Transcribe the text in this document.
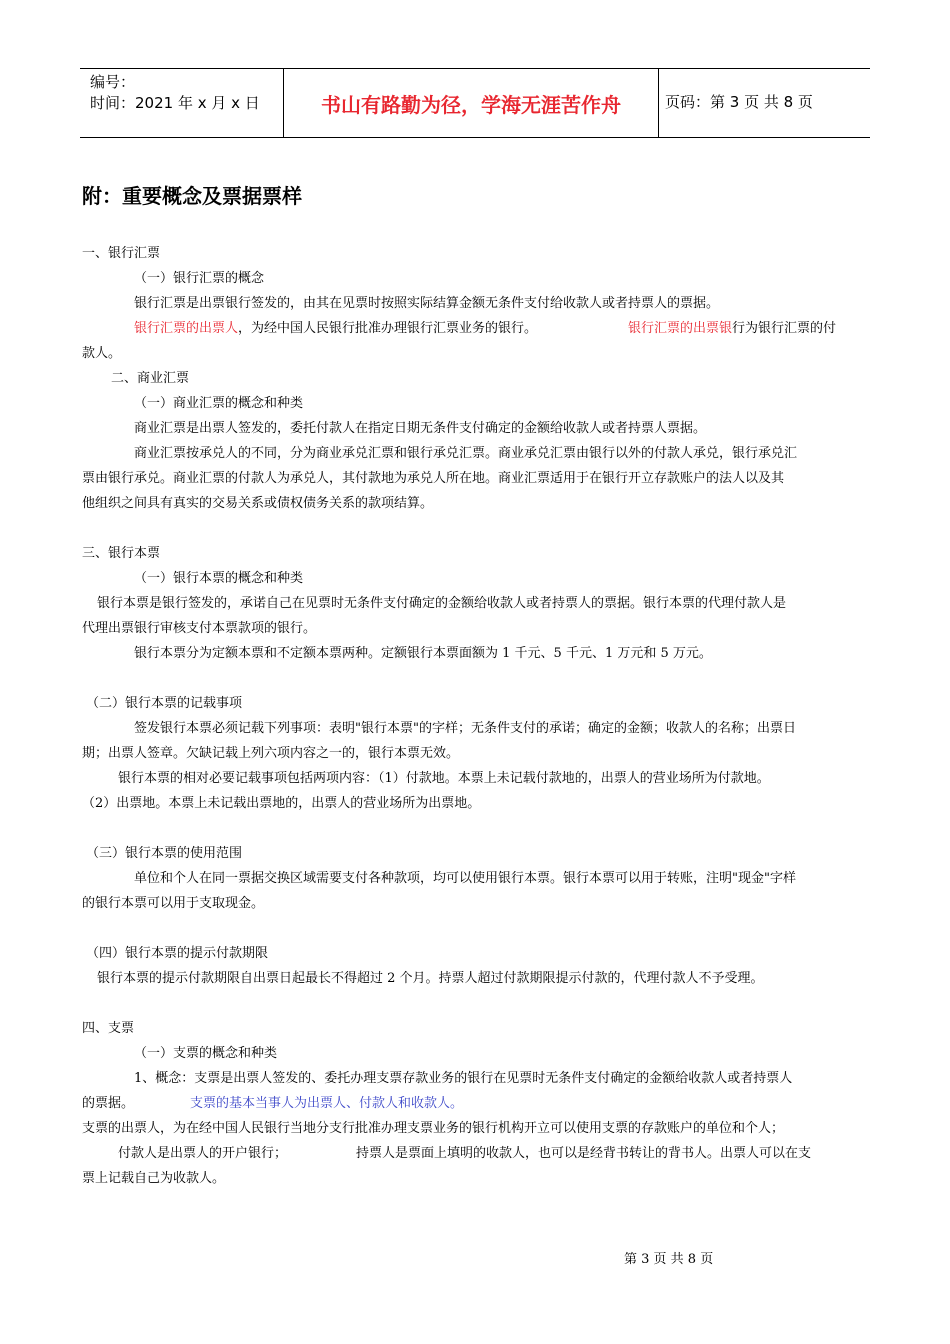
编号：
时间：2021 年 x 月 x 日	书山有路勤为径，学海无涯苦作舟	页码：第 3 页 共 8 页
附：重要概念及票据票样
一、银行汇票
（一）银行汇票的概念
银行汇票是出票银行签发的，由其在见票时按照实际结算金额无条件支付给收款人或者持票人的票据。
银行汇票的出票人，为经中国人民银行批准办理银行汇票业务的银行。	银行汇票的出票银行为银行汇票的付
款人。
二、商业汇票
（一）商业汇票的概念和种类
商业汇票是出票人签发的，委托付款人在指定日期无条件支付确定的金额给收款人或者持票人票据。
商业汇票按承兑人的不同，分为商业承兑汇票和银行承兑汇票。商业承兑汇票由银行以外的付款人承兑，银行承兑汇
票由银行承兑。商业汇票的付款人为承兑人，其付款地为承兑人所在地。商业汇票适用于在银行开立存款账户的法人以及其
他组织之间具有真实的交易关系或债权债务关系的款项结算。
三、银行本票
（一）银行本票的概念和种类
银行本票是银行签发的，承诺自己在见票时无条件支付确定的金额给收款人或者持票人的票据。银行本票的代理付款人是
代理出票银行审核支付本票款项的银行。
银行本票分为定额本票和不定额本票两种。定额银行本票面额为 1 千元、5 千元、1 万元和 5 万元。
（二）银行本票的记载事项
签发银行本票必须记载下列事项：表明"银行本票"的字样；无条件支付的承诺；确定的金额；收款人的名称；出票日
期；出票人签章。欠缺记载上列六项内容之一的，银行本票无效。
银行本票的相对必要记载事项包括两项内容：（1）付款地。本票上未记载付款地的，出票人的营业场所为付款地。
（2）出票地。本票上未记载出票地的，出票人的营业场所为出票地。
（三）银行本票的使用范围
单位和个人在同一票据交换区域需要支付各种款项，均可以使用银行本票。银行本票可以用于转账，注明"现金"字样
的银行本票可以用于支取现金。
（四）银行本票的提示付款期限
银行本票的提示付款期限自出票日起最长不得超过 2 个月。持票人超过付款期限提示付款的，代理付款人不予受理。
四、支票
（一）支票的概念和种类
1、概念：支票是出票人签发的、委托办理支票存款业务的银行在见票时无条件支付确定的金额给收款人或者持票人
的票据。	支票的基本当事人为出票人、付款人和收款人。
支票的出票人，为在经中国人民银行当地分支行批准办理支票业务的银行机构开立可以使用支票的存款账户的单位和个人；
付款人是出票人的开户银行；	持票人是票面上填明的收款人，也可以是经背书转让的背书人。出票人可以在支
票上记载自己为收款人。
第 3 页 共 8 页
